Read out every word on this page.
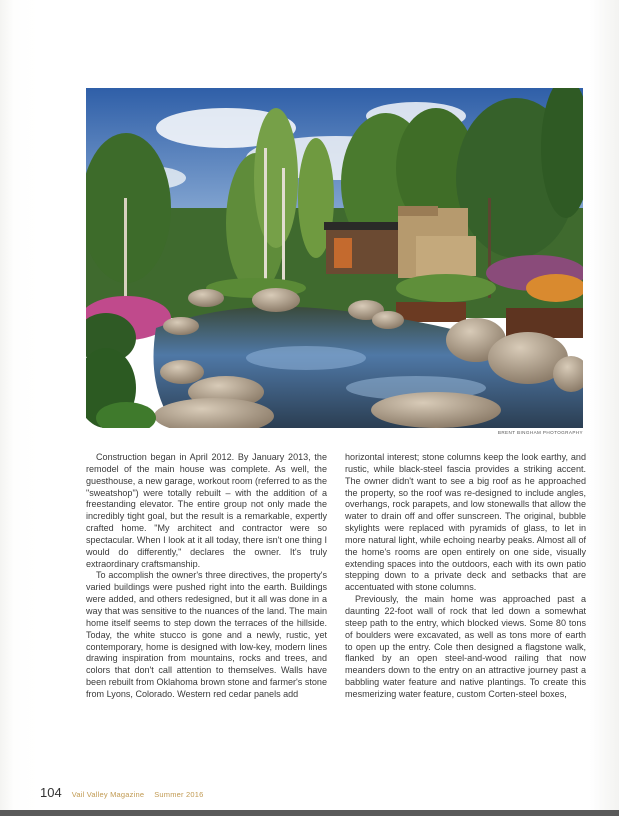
BRENT BINGHAM PHOTOGRAPHY

Construction began in April 2012. By January 2013, the remodel of the main house was complete. As well, the guesthouse, a new garage, workout room (referred to as the "sweatshop") were totally rebuilt – with the addition of a freestanding elevator. The entire group not only made the incredibly tight goal, but the result is a remarkable, expertly crafted home. "My architect and contractor were so spectacular. When I look at it all today, there isn't one thing I would do differently," declares the owner. It's truly extraordinary craftsmanship.

To accomplish the owner's three directives, the property's varied buildings were pushed right into the earth. Buildings were added, and others redesigned, but it all was done in a way that was sensitive to the nuances of the land. The main home itself seems to step down the terraces of the hillside. Today, the white stucco is gone and a newly, rustic, yet contemporary, home is designed with low-key, modern lines drawing inspiration from mountains, rocks and trees, and colors that don't call attention to themselves. Walls have been rebuilt from Oklahoma brown stone and farmer's stone from Lyons, Colorado. Western red cedar panels add

horizontal interest; stone columns keep the look earthy, and rustic, while black-steel fascia provides a striking accent. The owner didn't want to see a big roof as he approached the property, so the roof was re-designed to include angles, overhangs, rock parapets, and low stonewalls that allow the water to drain off and offer sunscreen. The original, bubble skylights were replaced with pyramids of glass, to let in more natural light, while echoing nearby peaks. Almost all of the home's rooms are open entirely on one side, visually extending spaces into the outdoors, each with its own patio stepping down to a private deck and setbacks that are accentuated with stone columns.

Previously, the main home was approached past a daunting 22-foot wall of rock that led down a somewhat steep path to the entry, which blocked views. Some 80 tons of boulders were excavated, as well as tons more of earth to open up the entry. Cole then designed a flagstone walk, flanked by an open steel-and-wood railing that now meanders down to the entry on an attractive journey past a babbling water feature and native plantings. To create this mesmerizing water feature, custom Corten-steel boxes,

104 Vail Valley Magazine Summer 2016
